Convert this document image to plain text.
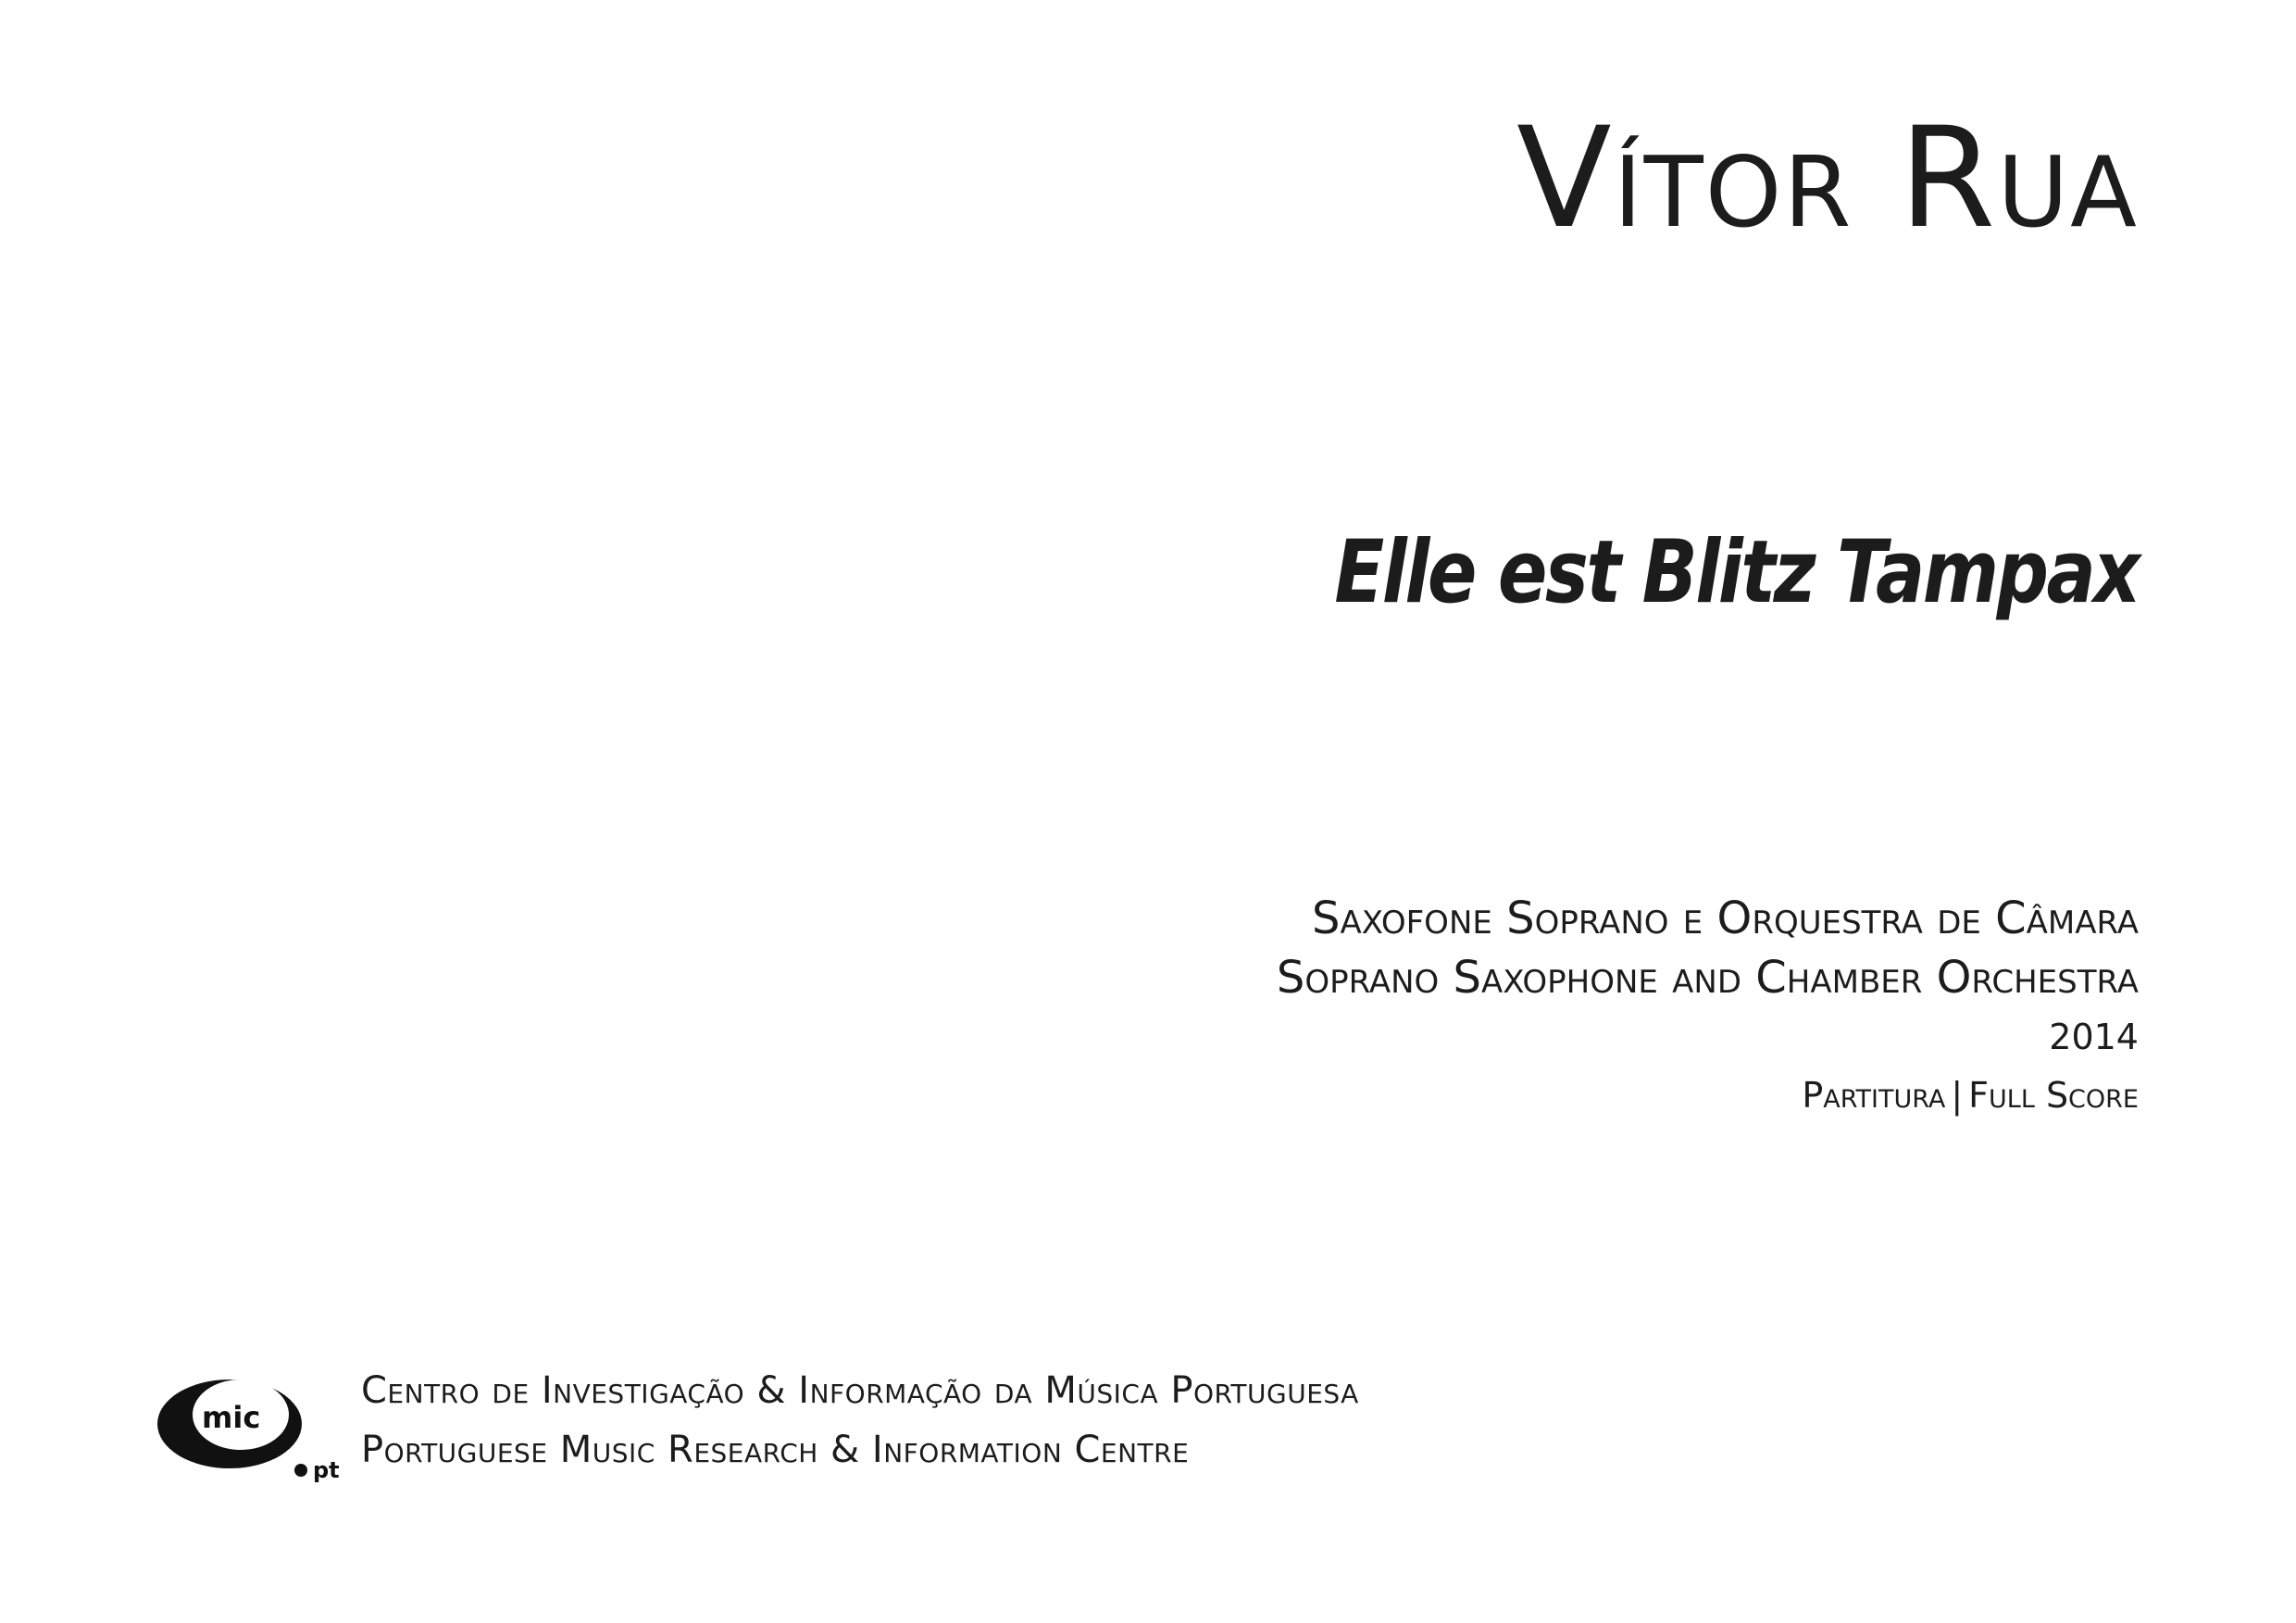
Vítor Rua
Elle est Blitz Tampax
Saxofone Soprano e Orquestra de Câmara
Soprano Saxophone and Chamber Orchestra
2014
Partitura | Full Score
mic
pt
Centro de Investigação & Informação da Música Portuguesa
Portuguese Music Research & Information Centre
